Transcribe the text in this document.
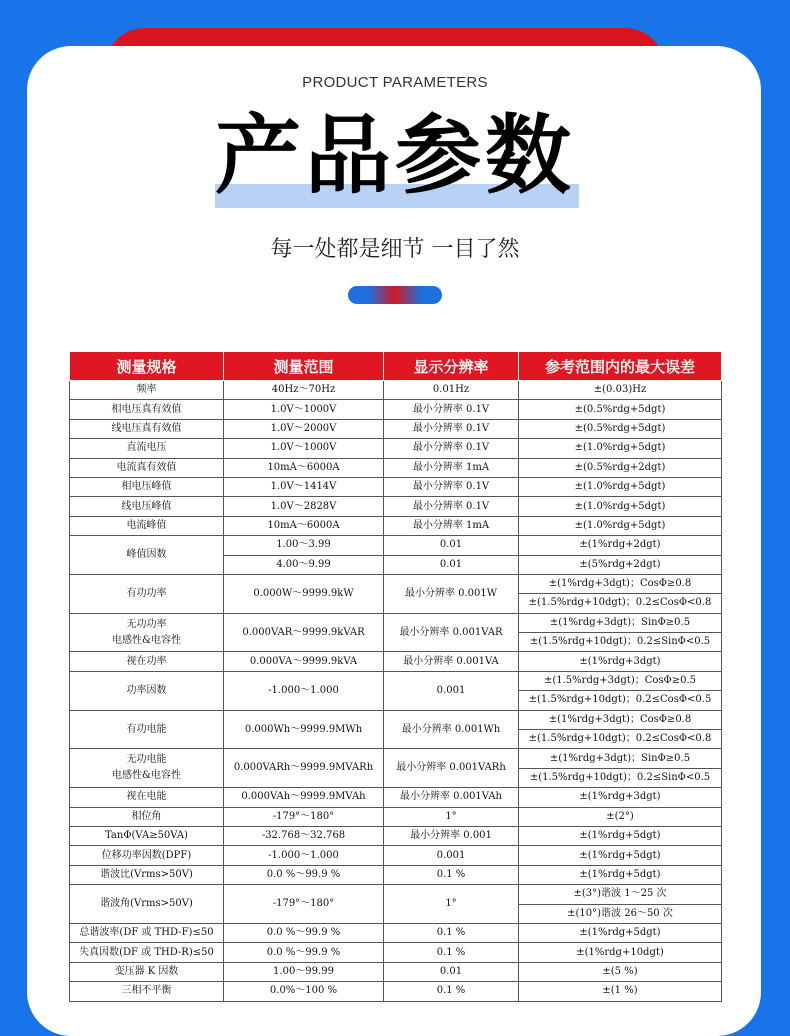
PRODUCT PARAMETERS
产品参数
每一处都是细节 一目了然
测量规格	测量范围	显示分辨率	参考范围内的最大误差
频率	40Hz～70Hz	0.01Hz	±(0.03)Hz
相电压真有效值	1.0V～1000V	最小分辨率 0.1V	±(0.5%rdg+5dgt)
线电压真有效值	1.0V～2000V	最小分辨率 0.1V	±(0.5%rdg+5dgt)
直流电压	1.0V～1000V	最小分辨率 0.1V	±(1.0%rdg+5dgt)
电流真有效值	10mA～6000A	最小分辨率 1mA	±(0.5%rdg+2dgt)
相电压峰值	1.0V～1414V	最小分辨率 0.1V	±(1.0%rdg+5dgt)
线电压峰值	1.0V～2828V	最小分辨率 0.1V	±(1.0%rdg+5dgt)
电流峰值	10mA～6000A	最小分辨率 1mA	±(1.0%rdg+5dgt)
峰值因数	1.00～3.99	0.01	±(1%rdg+2dgt)
	4.00～9.99	0.01	±(5%rdg+2dgt)
有功功率	0.000W～9999.9kW	最小分辨率 0.001W	±(1%rdg+3dgt)；CosΦ≥0.8
			±(1.5%rdg+10dgt)；0.2≤CosΦ<0.8
无功功率
电感性&电容性	0.000VAR～9999.9kVAR	最小分辨率 0.001VAR	±(1%rdg+3dgt)；SinΦ≥0.5
			±(1.5%rdg+10dgt)；0.2≤SinΦ<0.5
视在功率	0.000VA～9999.9kVA	最小分辨率 0.001VA	±(1%rdg+3dgt)
功率因数	-1.000～1.000	0.001	±(1.5%rdg+3dgt)；CosΦ≥0.5
			±(1.5%rdg+10dgt)；0.2≤CosΦ<0.5
有功电能	0.000Wh～9999.9MWh	最小分辨率 0.001Wh	±(1%rdg+3dgt)；CosΦ≥0.8
			±(1.5%rdg+10dgt)；0.2≤CosΦ<0.8
无功电能
电感性&电容性	0.000VARh～9999.9MVARh	最小分辨率 0.001VARh	±(1%rdg+3dgt)；SinΦ≥0.5
			±(1.5%rdg+10dgt)；0.2≤SinΦ<0.5
视在电能	0.000VAh～9999.9MVAh	最小分辨率 0.001VAh	±(1%rdg+3dgt)
相位角	-179°～180°	1°	±(2°)
TanΦ(VA≥50VA)	-32.768～32.768	最小分辨率 0.001	±(1%rdg+5dgt)
位移功率因数(DPF)	-1.000～1.000	0.001	±(1%rdg+5dgt)
谐波比(Vrms>50V)	0.0 %～99.9 %	0.1 %	±(1%rdg+5dgt)
谐波角(Vrms>50V)	-179°～180°	1°	±(3°)谐波 1～25 次
			±(10°)谐波 26～50 次
总谐波率(DF 或 THD-F)≤50	0.0 %～99.9 %	0.1 %	±(1%rdg+5dgt)
失真因数(DF 或 THD-R)≤50	0.0 %～99.9 %	0.1 %	±(1%rdg+10dgt)
变压器 K 因数	1.00～99.99	0.01	±(5 %)
三相不平衡	0.0%～100 %	0.1 %	±(1 %)
